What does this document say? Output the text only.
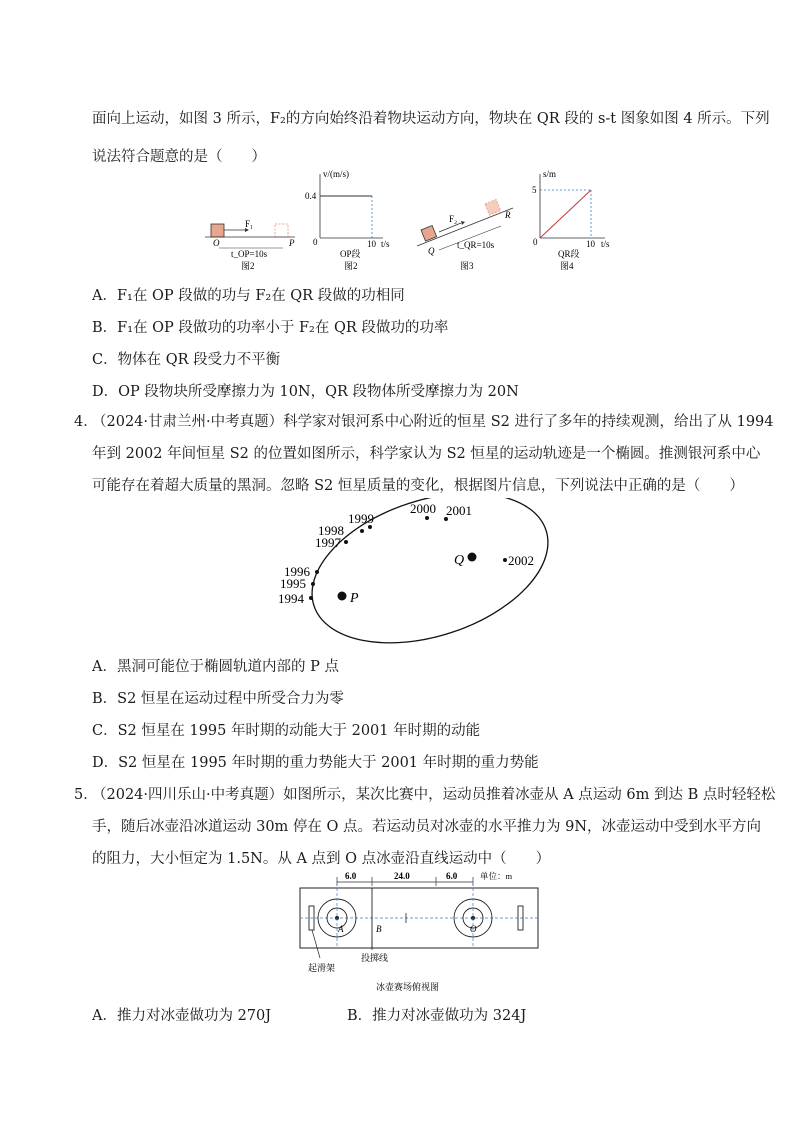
面向上运动，如图 3 所示，F₂的方向始终沿着物块运动方向，物块在 QR 段的 s-t 图象如图 4 所示。下列
说法符合题意的是（　　）
F₁
O	P
t_OP=10s
图2
v/(m/s)
0.4
0	10 t/s
OP段
图2
F₂
Q
R
t_QR=10s
图3
s/m
5
0	10 t/s
QR段
图4
A．F₁在 OP 段做的功与 F₂在 QR 段做的功相同
B．F₁在 OP 段做功的功率小于 F₂在 QR 段做功的功率
C．物体在 QR 段受力不平衡
D．OP 段物块所受摩擦力为 10N，QR 段物体所受摩擦力为 20N
4．
（2024·甘肃兰州·中考真题）科学家对银河系中心附近的恒星 S2 进行了多年的持续观测，给出了从 1994
年到 2002 年间恒星 S2 的位置如图所示，科学家认为 S2 恒星的运动轨迹是一个椭圆。推测银河系中心
可能存在着超大质量的黑洞。忽略 S2 恒星质量的变化，根据图片信息，下列说法中正确的是（　　）
1994
1995
1996
1997
1998
1999
2000 2001
2002
P
Q
A．黑洞可能位于椭圆轨道内部的 P 点
B．S2 恒星在运动过程中所受合力为零
C．S2 恒星在 1995 年时期的动能大于 2001 年时期的动能
D．S2 恒星在 1995 年时期的重力势能大于 2001 年时期的重力势能
5．
（2024·四川乐山·中考真题）如图所示，某次比赛中，运动员推着冰壶从 A 点运动 6m 到达 B 点时轻轻松
手，随后冰壶沿冰道运动 30m 停在 O 点。若运动员对冰壶的水平推力为 9N，冰壶运动中受到水平方向
的阻力，大小恒定为 1.5N。从 A 点到 O 点冰壶沿直线运动中（　　）
6.0	24.0	6.0	单位：m
A	B	O
起滑架
投掷线
冰壶赛场俯视图
A．推力对冰壶做功为 270J	B．推力对冰壶做功为 324J
